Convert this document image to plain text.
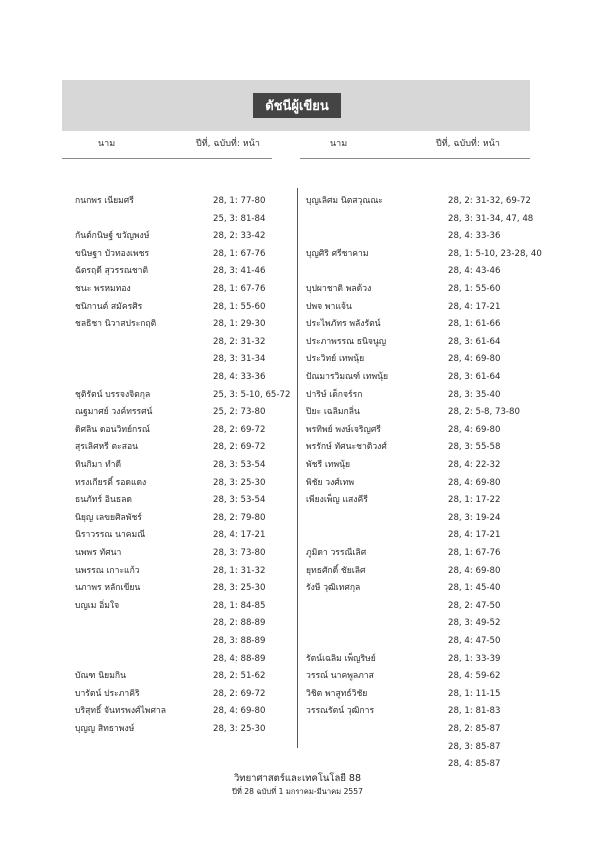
ดัชนีผู้เขียน
นาม	ปีที่, ฉบับที่: หน้า	นาม	ปีที่, ฉบับที่: หน้า
กนกพร เนียมศรี	28, 1: 77-80
25, 3: 81-84
กันต์กนิษฐ์ ขวัญพงษ์	28, 2: 33-42
ขนิษฐา บัวทองเพชร	28, 1: 67-76
ฉัตรฤดี สุวรรณชาติ	28, 3: 41-46
ชนะ พรหมทอง	28, 1: 67-76
ชนิกานต์ สมัครศิร	28, 1: 55-60
ชลธิชา นิวาสประกฤติ	28, 1: 29-30
28, 2: 31-32
28, 3: 31-34
28, 4: 33-36
ชุติรัตน์ บรรจงจิตกุล	25, 3: 5-10, 65-72
ณฐมาศย์ วงค์ทรรศน์	25, 2: 73-80
ดิศลิน ดอนวิทย์กรณ์	28, 2: 69-72
สุรเลิศหรี ตะสอน	28, 2: 69-72
ทินกิมา ทำดี	28, 3: 53-54
ทรงเกียรติ์ รอดแดง	28, 3: 25-30
ธนภัทร์ อินธลด	28, 3: 53-54
นิยุญ เลขยศิลพัชร์	28, 2: 79-80
นิราวรรณ นาคมณี	28, 4: 17-21
นพพร ทัศนา	28, 3: 73-80
นพรรณ เกาะแก้ว	28, 1: 31-32
นภาพร หลักเขียน	28, 3: 25-30
บญเม อิ่มใจ	28, 1: 84-85
28, 2: 88-89
28, 3: 88-89
28, 4: 88-89
บัณฑ นิยมกิน	28, 2: 51-62
บารัตน์ ประภาคิริ	28, 2: 69-72
บริสุทธิ์ จันทรพงศ์ไพศาล	28, 4: 69-80
บุญญ สิทธาพงษ์	28, 3: 25-30
บุญเลิศม นิตสวุณณะ	28, 2: 31-32, 69-72
28, 3: 31-34, 47, 48
28, 4: 33-36
บุญศิริ ศรีชาคาม	28, 1: 5-10, 23-28, 40
28, 4: 43-46
บุปผาชาติ พลด้วง	28, 1: 55-60
ปพจ พาแจ้น	28, 4: 17-21
ประไพภัทร พลังรัตน์	28, 1: 61-66
ประภาพรรณ ธนิจนูญ	28, 3: 61-64
ประวิทย์ เทพนุ้ย	28, 4: 69-80
ปัณมารวิมณฑ์ เทพนุ้ย	28, 3: 61-64
ปาริษ์ เด็กจร์รก	28, 3: 35-40
ปิยะ เฉลิมกลิ่น	28, 2: 5-8, 73-80
พรทิพย์ พงษ์เจริญศรี	28, 4: 69-80
พรรักษ์ ทัศนะชาติวงศ์	28, 3: 55-58
พัชรี เทพนุ้ย	28, 4: 22-32
พิชัย วงศ์เทพ	28, 4: 69-80
เพียงเพ็ญ แสงคีรี	28, 1: 17-22
28, 3: 19-24
28, 4: 17-21
ภูมิดา วรรณีเลิศ	28, 1: 67-76
ยุทธศักดิ์ ชัยเลิศ	28, 4: 69-80
รังษี วุฒิเทศกุล	28, 1: 45-40
28, 2: 47-50
28, 3: 49-52
28, 4: 47-50
รัตน์เฉลิม เพ็ญริษย์	28, 1: 33-39
วรรณ์ นาคพูลภาส	28, 4: 59-62
วิชิต พาสูทธ์วิชัย	28, 1: 11-15
วรรณรัตน์ วุฒิการ	28, 1: 81-83
28, 2: 85-87
28, 3: 85-87
28, 4: 85-87
วิทยาศาสตร์และเทคโนโลยี 88
ปีที่ 28 ฉบับที่ 1 มกราคม-มีนาคม 2557
